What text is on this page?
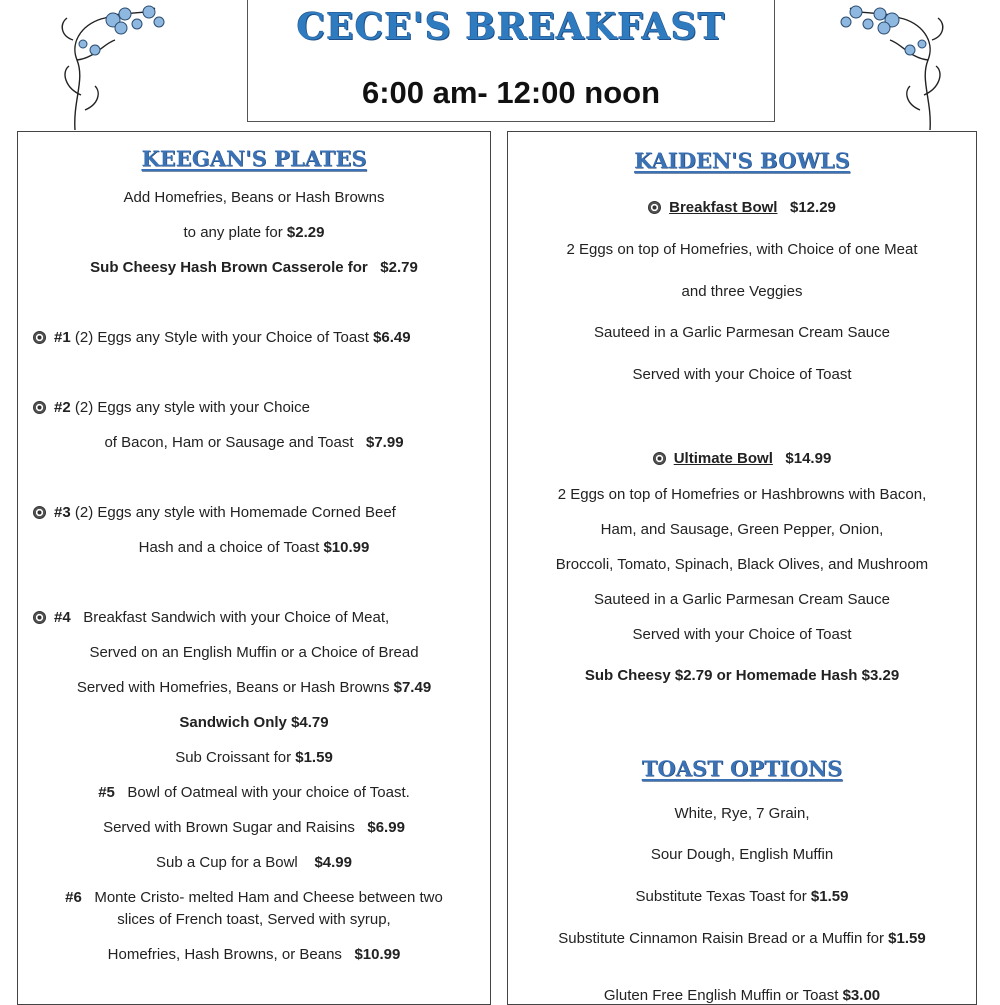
CECE'S BREAKFAST
6:00 am- 12:00 noon
KEEGAN'S PLATES
Add Homefries, Beans or Hash Browns
to any plate for $2.29
Sub Cheesy Hash Brown Casserole for $2.79
#1 (2) Eggs any Style with your Choice of Toast $6.49
#2 (2) Eggs any style with your Choice
of Bacon, Ham or Sausage and Toast $7.99
#3 (2) Eggs any style with Homemade Corned Beef
Hash and a choice of Toast $10.99
#4 Breakfast Sandwich with your Choice of Meat,
Served on an English Muffin or a Choice of Bread
Served with Homefries, Beans or Hash Browns $7.49
Sandwich Only $4.79
Sub Croissant for $1.59
#5 Bowl of Oatmeal with your choice of Toast.
Served with Brown Sugar and Raisins $6.99
Sub a Cup for a Bowl $4.99
#6 Monte Cristo- melted Ham and Cheese between two
slices of French toast, Served with syrup,
Homefries, Hash Browns, or Beans $10.99
KAIDEN'S BOWLS
Breakfast Bowl $12.29
2 Eggs on top of Homefries, with Choice of one Meat
and three Veggies
Sauteed in a Garlic Parmesan Cream Sauce
Served with your Choice of Toast
Ultimate Bowl $14.99
2 Eggs on top of Homefries or Hashbrowns with Bacon,
Ham, and Sausage, Green Pepper, Onion,
Broccoli, Tomato, Spinach, Black Olives, and Mushroom
Sauteed in a Garlic Parmesan Cream Sauce
Served with your Choice of Toast
Sub Cheesy $2.79 or Homemade Hash $3.29
TOAST OPTIONS
White, Rye, 7 Grain,
Sour Dough, English Muffin
Substitute Texas Toast for $1.59
Substitute Cinnamon Raisin Bread or a Muffin for $1.59
Gluten Free English Muffin or Toast $3.00
